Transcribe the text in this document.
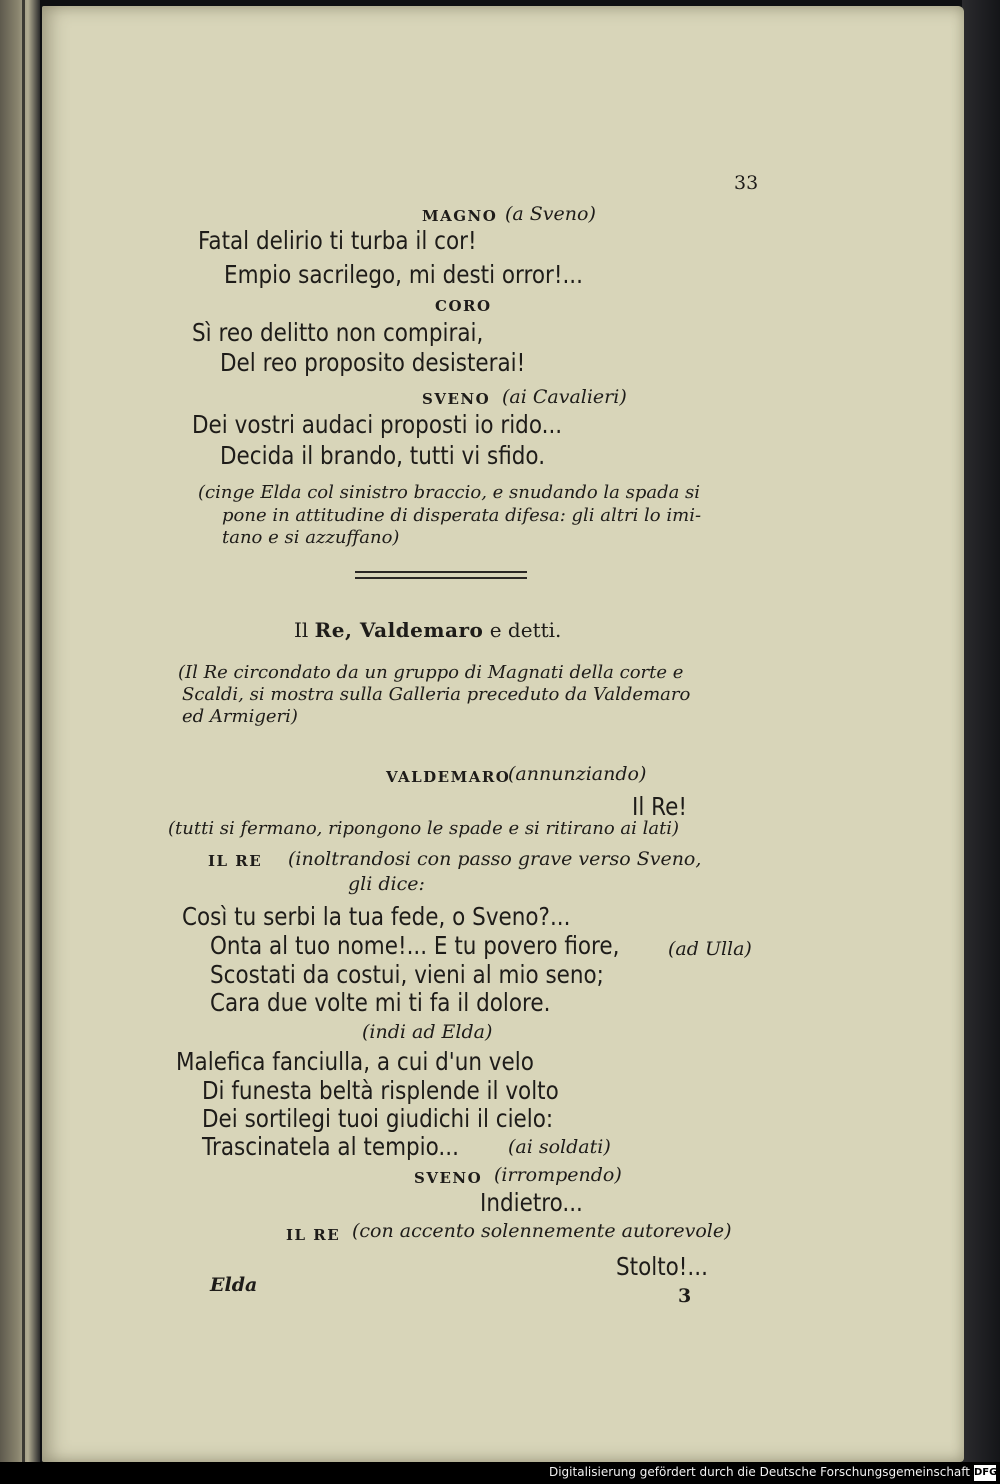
33
MAGNO (a Sveno)
Fatal delirio ti turba il cor!
Empio sacrilego, mi desti orror!...
CORO
Sì reo delitto non compirai,
Del reo proposito desisterai!
SVENO (ai Cavalieri)
Dei vostri audaci proposti io rido...
Decida il brando, tutti vi sfido.
(cinge Elda col sinistro braccio, e snudando la spada si
pone in attitudine di disperata difesa: gli altri lo imi-
tano e si azzuffano)
Il Re, Valdemaro e detti.
(Il Re circondato da un gruppo di Magnati della corte e
Scaldi, si mostra sulla Galleria preceduto da Valdemaro
ed Armigeri)
VALDEMARO
(annunziando)
Il Re!
(tutti si fermano, ripongono le spade e si ritirano ai lati)
IL RE (inoltrandosi con passo grave verso Sveno,
gli dice:
Così tu serbi la tua fede, o Sveno?...
Onta al tuo nome!... E tu povero fiore,	(ad Ulla)
Scostati da costui, vieni al mio seno;
Cara due volte mi ti fa il dolore.
(indi ad Elda)
Malefica fanciulla, a cui d'un velo
Di funesta beltà risplende il volto
Dei sortilegi tuoi giudichi il cielo:
Trascinatela al tempio...	(ai soldati)
SVENO (irrompendo)
Indietro...
IL RE (con accento solennemente autorevole)
Stolto!...
Elda	3
Digitalisierung gefördert durch die Deutsche Forschungsgemeinschaft DFG
